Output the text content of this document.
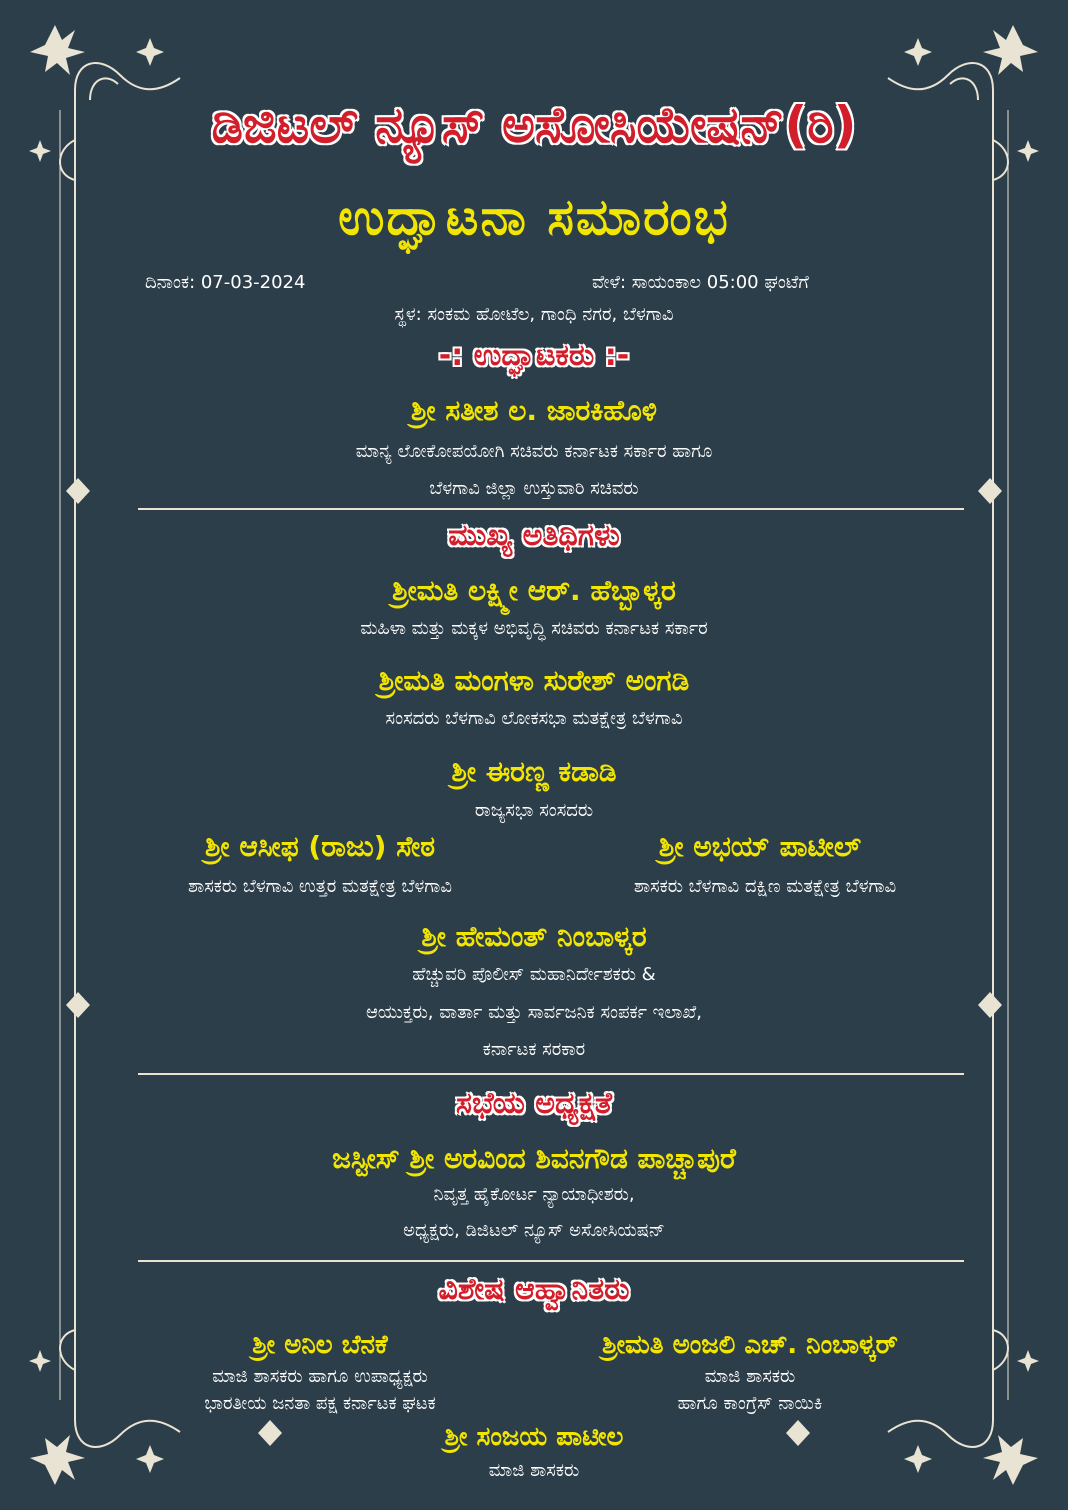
ಡಿಜಿಟಲ್ ನ್ಯೂಸ್ ಅಸೋಸಿಯೇಷನ್(ರಿ)
ಉದ್ಘಾಟನಾ ಸಮಾರಂಭ
ದಿನಾಂಕ: 07-03-2024	ವೇಳೆ: ಸಾಯಂಕಾಲ 05:00 ಘಂಟೆಗೆ
ಸ್ಥಳ: ಸಂಕಮ ಹೋಟೆಲ, ಗಾಂಧಿ ನಗರ, ಬೆಳಗಾವಿ
-: ಉದ್ಘಾಟಕರು :-
ಶ್ರೀ ಸತೀಶ ಲ. ಜಾರಕಿಹೊಳಿ
ಮಾನ್ಯ ಲೋಕೋಪಯೋಗಿ ಸಚಿವರು ಕರ್ನಾಟಕ ಸರ್ಕಾರ ಹಾಗೂ
ಬೆಳಗಾವಿ ಜಿಲ್ಲಾ ಉಸ್ತುವಾರಿ ಸಚಿವರು
ಮುಖ್ಯ ಅತಿಥಿಗಳು
ಶ್ರೀಮತಿ ಲಕ್ಷ್ಮೀ ಆರ್. ಹೆಬ್ಬಾಳ್ಕರ
ಮಹಿಳಾ ಮತ್ತು ಮಕ್ಕಳ ಅಭಿವೃದ್ಧಿ ಸಚಿವರು ಕರ್ನಾಟಕ ಸರ್ಕಾರ
ಶ್ರೀಮತಿ ಮಂಗಳಾ ಸುರೇಶ್ ಅಂಗಡಿ
ಸಂಸದರು ಬೆಳಗಾವಿ ಲೋಕಸಭಾ ಮತಕ್ಷೇತ್ರ ಬೆಳಗಾವಿ
ಶ್ರೀ ಈರಣ್ಣ ಕಡಾಡಿ
ರಾಜ್ಯಸಭಾ ಸಂಸದರು
ಶ್ರೀ ಆಸೀಫ (ರಾಜು) ಸೇಠ
ಶಾಸಕರು ಬೆಳಗಾವಿ ಉತ್ತರ ಮತಕ್ಷೇತ್ರ ಬೆಳಗಾವಿ
ಶ್ರೀ ಅಭಯ್ ಪಾಟೀಲ್
ಶಾಸಕರು ಬೆಳಗಾವಿ ದಕ್ಷಿಣ ಮತಕ್ಷೇತ್ರ ಬೆಳಗಾವಿ
ಶ್ರೀ ಹೇಮಂತ್ ನಿಂಬಾಳ್ಕರ
ಹೆಚ್ಚುವರಿ ಪೊಲೀಸ್ ಮಹಾನಿರ್ದೇಶಕರು &
ಆಯುಕ್ತರು, ವಾರ್ತಾ ಮತ್ತು ಸಾರ್ವಜನಿಕ ಸಂಪರ್ಕ ಇಲಾಖೆ,
ಕರ್ನಾಟಕ ಸರಕಾರ
ಸಭೆಯ ಅಧ್ಯಕ್ಷತೆ
ಜಸ್ಟೀಸ್ ಶ್ರೀ ಅರವಿಂದ ಶಿವನಗೌಡ ಪಾಚ್ಚಾಪುರೆ
ನಿವೃತ್ತ ಹೈಕೋರ್ಟ ನ್ಯಾಯಾಧೀಶರು,
ಅಧ್ಯಕ್ಷರು, ಡಿಜಿಟಲ್ ನ್ಯೂಸ್ ಅಸೋಸಿಯಷನ್
ವಿಶೇಷ ಆಹ್ವಾನಿತರು
ಶ್ರೀ ಅನಿಲ ಬೆನಕೆ
ಮಾಜಿ ಶಾಸಕರು ಹಾಗೂ ಉಪಾಧ್ಯಕ್ಷರು
ಭಾರತೀಯ ಜನತಾ ಪಕ್ಷ ಕರ್ನಾಟಕ ಘಟಕ
ಶ್ರೀಮತಿ ಅಂಜಲಿ ಎಚ್. ನಿಂಬಾಳ್ಕರ್
ಮಾಜಿ ಶಾಸಕರು
ಹಾಗೂ ಕಾಂಗ್ರೆಸ್ ನಾಯಿಕಿ
ಶ್ರೀ ಸಂಜಯ ಪಾಟೀಲ
ಮಾಜಿ ಶಾಸಕರು
